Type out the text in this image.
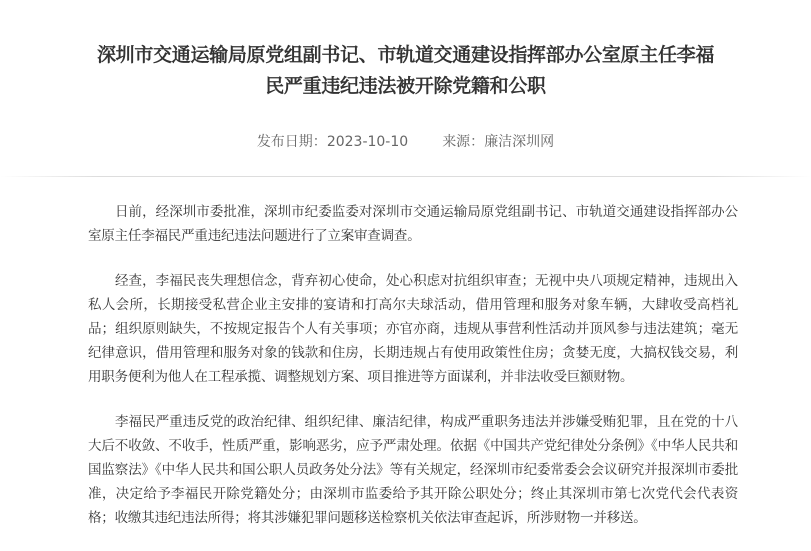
深圳市交通运输局原党组副书记、市轨道交通建设指挥部办公室原主任李福民严重违纪违法被开除党籍和公职
发布日期：2023-10-10 来源：廉洁深圳网

日前，经深圳市委批准，深圳市纪委监委对深圳市交通运输局原党组副书记、市轨道交通建设指挥部办公室原主任李福民严重违纪违法问题进行了立案审查调查。

经查，李福民丧失理想信念，背弃初心使命，处心积虑对抗组织审查；无视中央八项规定精神，违规出入私人会所，长期接受私营企业主安排的宴请和打高尔夫球活动，借用管理和服务对象车辆，大肆收受高档礼品；组织原则缺失，不按规定报告个人有关事项；亦官亦商，违规从事营利性活动并顶风参与违法建筑；毫无纪律意识，借用管理和服务对象的钱款和住房，长期违规占有使用政策性住房；贪婪无度，大搞权钱交易，利用职务便利为他人在工程承揽、调整规划方案、项目推进等方面谋利，并非法收受巨额财物。

李福民严重违反党的政治纪律、组织纪律、廉洁纪律，构成严重职务违法并涉嫌受贿犯罪，且在党的十八大后不收敛、不收手，性质严重，影响恶劣，应予严肃处理。依据《中国共产党纪律处分条例》《中华人民共和国监察法》《中华人民共和国公职人员政务处分法》等有关规定，经深圳市纪委常委会会议研究并报深圳市委批准，决定给予李福民开除党籍处分；由深圳市监委给予其开除公职处分；终止其深圳市第七次党代会代表资格；收缴其违纪违法所得；将其涉嫌犯罪问题移送检察机关依法审查起诉，所涉财物一并移送。
